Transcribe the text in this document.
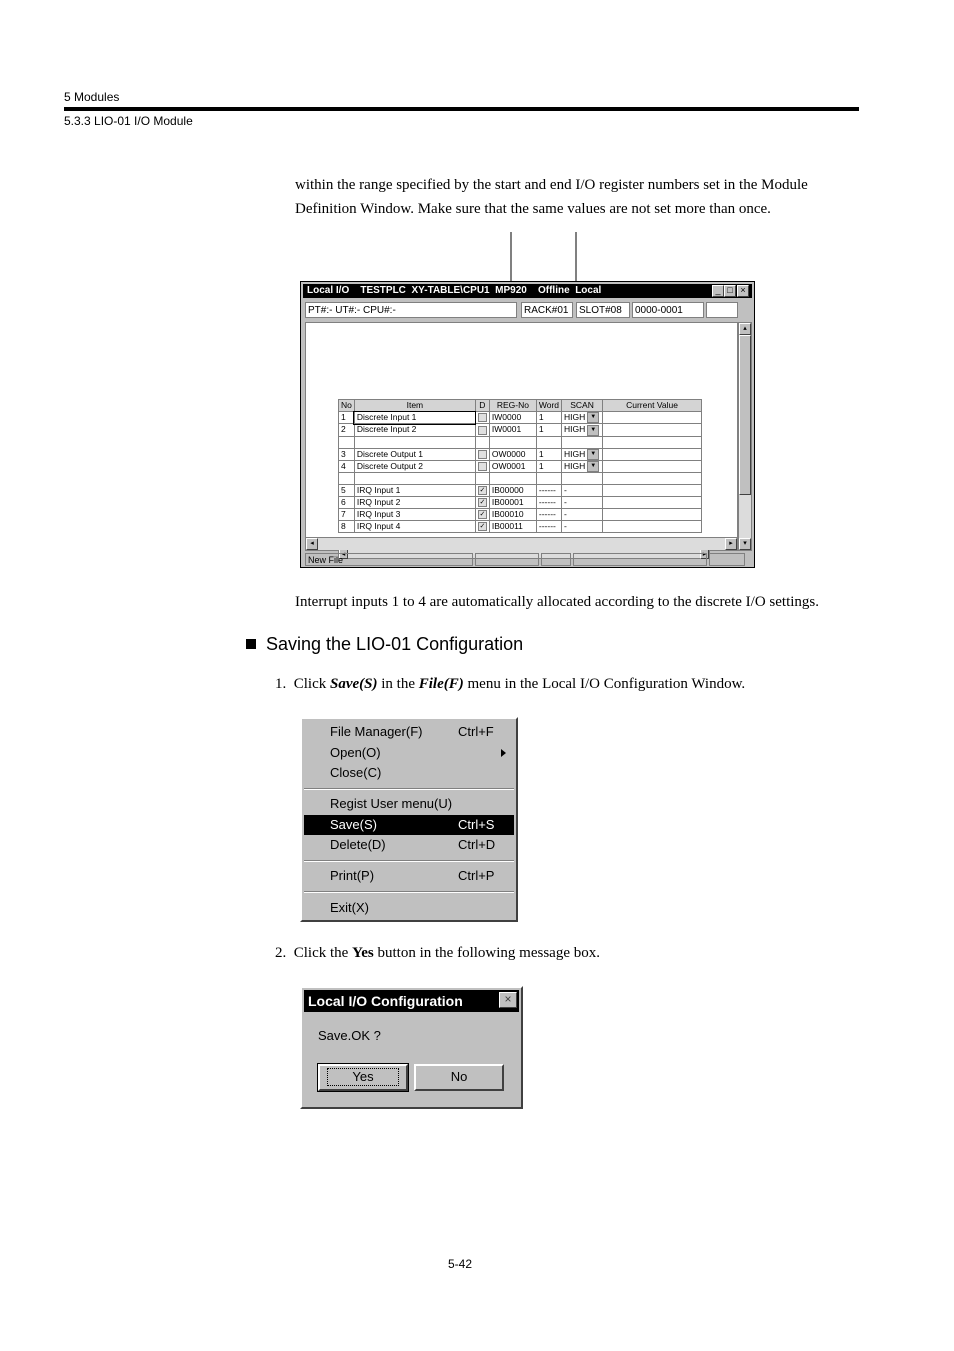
5 Modules
5.3.3 LIO-01 I/O Module
within the range specified by the start and end I/O register numbers set in the Module Definition Window. Make sure that the same values are not set more than once.
Local I/O    TESTPLC  XY-TABLE\CPU1  MP920    Offline  Local	_ □ ×
PT#:- UT#:- CPU#:-	RACK#01	SLOT#08	0000-0001
No	Item	D	REG-No	Word	SCAN	Current Value
1	Discrete Input 1		IW0000	1	HIGH ▼	
2	Discrete Input 2		IW0001	1	HIGH ▼	

3	Discrete Output 1		OW0000	1	HIGH ▼	
4	Discrete Output 2		OW0001	1	HIGH ▼	

5	IRQ Input 1	✓	IB00000	------	-	
6	IRQ Input 2	✓	IB00001	------	-	
7	IRQ Input 3	✓	IB00010	------	-	
8	IRQ Input 4	✓	IB00011	------	-	
◂	▸
◂	▸
▴
▾
New File
Interrupt inputs 1 to 4 are automatically allocated according to the discrete I/O settings.
Saving the LIO-01 Configuration
1. Click Save(S) in the File(F) menu in the Local I/O Configuration Window.
File Manager(F)	Ctrl+F
Open(O)
Close(C)
Regist User menu(U)
Save(S)	Ctrl+S
Delete(D)	Ctrl+D
Print(P)	Ctrl+P
Exit(X)
2. Click the Yes button in the following message box.
Local I/O Configuration	×
Save.OK ?
Yes	No
5-42
